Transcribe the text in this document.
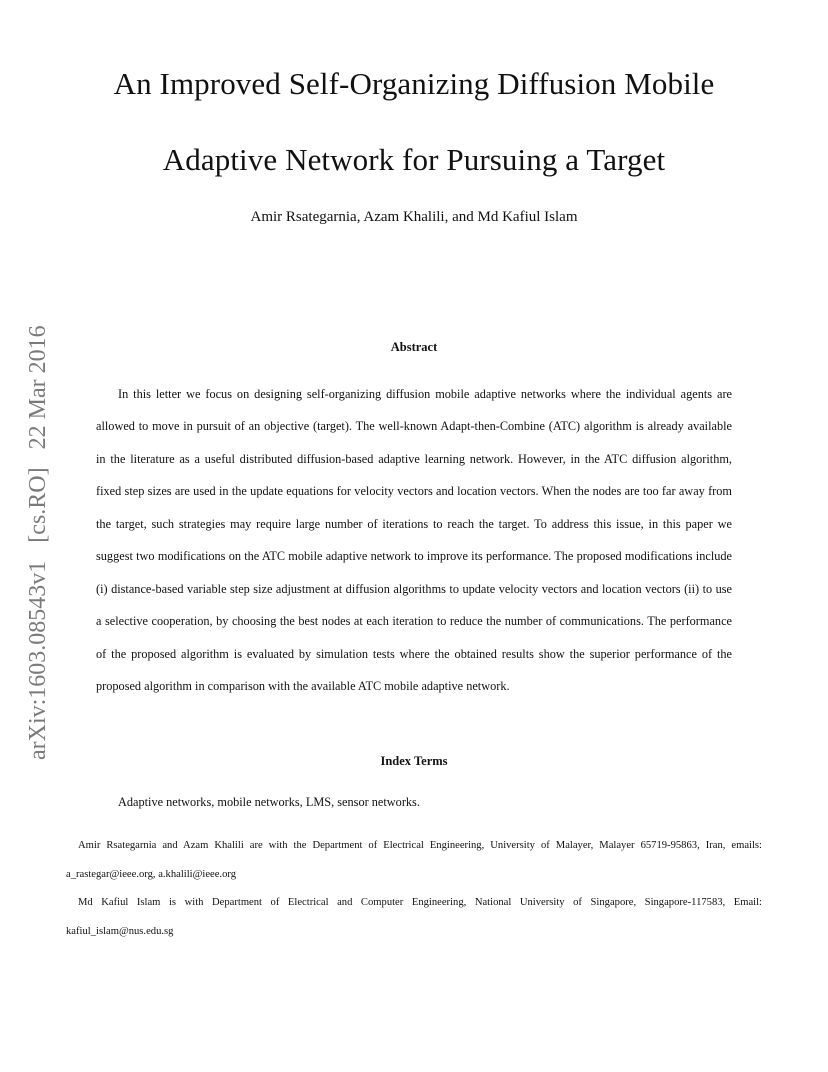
arXiv:1603.08543v1[cs.RO]22 Mar 2016
An Improved Self-Organizing Diffusion Mobile
Adaptive Network for Pursuing a Target
Amir Rsategarnia, Azam Khalili, and Md Kafiul Islam
Abstract

In this letter we focus on designing self-organizing diffusion mobile adaptive networks where the individual agents are allowed to move in pursuit of an objective (target). The well-known Adapt-then-Combine (ATC) algorithm is already available in the literature as a useful distributed diffusion-based adaptive learning network. However, in the ATC diffusion algorithm, fixed step sizes are used in the update equations for velocity vectors and location vectors. When the nodes are too far away from the target, such strategies may require large number of iterations to reach the target. To address this issue, in this paper we suggest two modifications on the ATC mobile adaptive network to improve its performance. The proposed modifications include (i) distance-based variable step size adjustment at diffusion algorithms to update velocity vectors and location vectors (ii) to use a selective cooperation, by choosing the best nodes at each iteration to reduce the number of communications. The performance of the proposed algorithm is evaluated by simulation tests where the obtained results show the superior performance of the proposed algorithm in comparison with the available ATC mobile adaptive network.

Index Terms
Adaptive networks, mobile networks, LMS, sensor networks.

Amir Rsategarnia and Azam Khalili are with the Department of Electrical Engineering, University of Malayer, Malayer 65719-95863, Iran, emails: a_rastegar@ieee.org, a.khalili@ieee.org

Md Kafiul Islam is with Department of Electrical and Computer Engineering, National University of Singapore, Singapore-117583, Email: kafiul_islam@nus.edu.sg
